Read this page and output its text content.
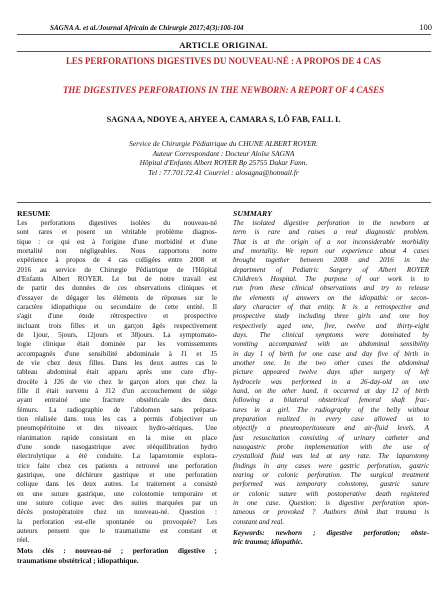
SAGNA A. et al./Journal Africain de Chirurgie 2017;4(3):100-104	100
ARTICLE ORIGINAL
LES PERFORATIONS DIGESTIVES DU NOUVEAU-NÉ : A PROPOS DE 4 CAS
THE DIGESTIVES PERFORATIONS IN THE NEWBORN: A REPORT OF 4 CASES
SAGNA A, NDOYE A, AHYEE A, CAMARA S, LÔ FAB, FALL I.
Service de Chirurgie Pédiatrique du CHUNE ALBERT ROYER.
Auteur Correspondant : Docteur Aloïse SAGNA
Hôpital d'Enfants Albert ROYER Bp 25755 Dakar Fann.
Tel : 77.701.72.41 Courriel : alosagna@hotmail.fr
RESUME	SUMMARY
Les perforations digestives isolées du nouveau-né
sont rares et posent un véritable problème diagnos-
tique : ce qui est à l'origine d'une morbidité et d'une
mortalité non négligeables. Nous rapportons notre
expérience à propos de 4 cas colligées entre 2008 et
2016 au service de Chirurgie Pédiatrique de l'Hôpital
d'Enfants Albert ROYER. Le but de notre travail est
de partir des données de ces observations cliniques et
d'essayer de dégager les éléments de réponses sur le
caractère idiopathique ou secondaire de cette entité. Il
s'agit d'une étude rétrospective et prospective
incluant trois filles et un garçon âgés respectivement
de 1jour, 5jours, 12jours et 38jours. La symptomato-
logie clinique était dominée par les vomissements
accompagnés d'une sensibilité abdominale à J1 et J5
de vie chez deux filles. Dans les deux autres cas le
tableau abdominal était apparu après une cure d'hy-
drocèle à J26 de vie chez le garçon alors que chez la
fille il était survenu à J12 d'un accouchement de siège
ayant entrainé une fracture obstétricale des deux
fémurs. La radiographie de l'abdomen sans prépara-
tion réalisée dans tous les cas a permis d'objectiver un
pneumopéritoine et des niveaux hydro-aériques. Une
réanimation rapide consistant en la mise en place
d'une sonde nasogastrique avec rééquilibration hydro
électrolytique a été conduite. La laparotomie explora-
trice faite chez ces patients a retrouvé une perforation
gastrique, une déchirure gastrique et une perforation
colique dans les deux autres. Le traitement a consisté
en une suture gastrique, une colostomie temporaire et
une suture colique avec des suites marquées par un
décès postopératoire chez un nouveau-né. Question :
la perforation est-elle spontanée ou provoquée? Les
auteurs pensent que le traumatisme est constant et
réel.
Mots clés : nouveau-né ; perforation digestive ;
traumatisme obstétrical ; idiopathique.
The isolated digestive perforation in the newborn at
term is rare and raises a real diagnostic problem.
That is at the origin of a not inconsiderable morbidity
and mortality. We report our experience about 4 cases
brought together between 2008 and 2016 in the
department of Pediatric Surgery of Albert ROYER
Children's Hospital. The purpose of our work is to
run from these clinical observations and try to release
the elements of answers on the idiopathic or secon-
dary character of that entity. It is a retrospective and
prospective study including three girls and one boy
respectively aged one, five, twelve and thirty-eight
days. The clinical symptoms were dominated by
vomiting accompanied with an abdominal sensibility
in day 1 of birth for one case and day five of birth in
another one. In the two other cases the abdominal
picture appeared twelve days after surgery of left
hydrocele was performed in a 26-day-old on one
hand, on the other hand, it occurred at day 12 of birth
following a bilateral obstetrical femoral shaft frac-
tures in a girl. The radiography of the belly without
preparation realized in every case allowed us to
objectify a pneumoperitoneum and air-fluid levels. A
fast resuscitation consisting of urinary catheter and
nasogastric probe implementation with the use of
crystalloid fluid was led at any rate. The laparotomy
findings in any cases were gastric perforation, gastric
tearing or colonic perforation. The surgical treatment
performed was temporary colostomy, gastric suture
or colonic suture with postoperative death registered
in one case. Question: is digestive perforation spon-
taneous or provoked ? Authors think that trauma is
constant and real.
Keywords: newborn ; digestive perforation; obste-
tric trauma; idiopathic.
